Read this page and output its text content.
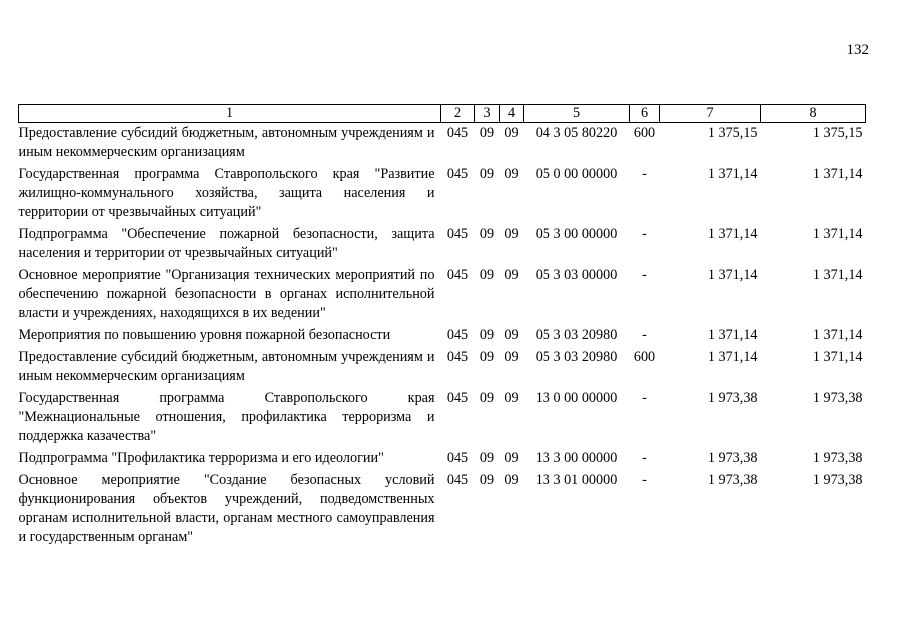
132
1	2	3	4	5	6	7	8
Предоставление субсидий бюджетным, автономным учреждениям и иным некоммерческим организациям	045	09	09	04 3 05 80220	600	1 375,15	1 375,15
Государственная программа Ставропольского края "Развитие жилищно-коммунального хозяйства, защита населения и территории от чрезвычайных ситуаций"	045	09	09	05 0 00 00000	-	1 371,14	1 371,14
Подпрограмма "Обеспечение пожарной безопасности, защита населения и территории от чрезвычайных ситуаций"	045	09	09	05 3 00 00000	-	1 371,14	1 371,14
Основное мероприятие "Организация технических мероприятий по обеспечению пожарной безопасности в органах исполнительной власти и учреждениях, находящихся в их ведении"	045	09	09	05 3 03 00000	-	1 371,14	1 371,14
Мероприятия по повышению уровня пожарной безопасности	045	09	09	05 3 03 20980	-	1 371,14	1 371,14
Предоставление субсидий бюджетным, автономным учреждениям и иным некоммерческим организациям	045	09	09	05 3 03 20980	600	1 371,14	1 371,14
Государственная программа Ставропольского края "Межнациональные отношения, профилактика терроризма и поддержка казачества"	045	09	09	13 0 00 00000	-	1 973,38	1 973,38
Подпрограмма "Профилактика терроризма и его идеологии"	045	09	09	13 3 00 00000	-	1 973,38	1 973,38
Основное мероприятие "Создание безопасных условий функционирования объектов учреждений, подведомственных органам исполнительной власти, органам местного самоуправления и государственным органам"	045	09	09	13 3 01 00000	-	1 973,38	1 973,38
